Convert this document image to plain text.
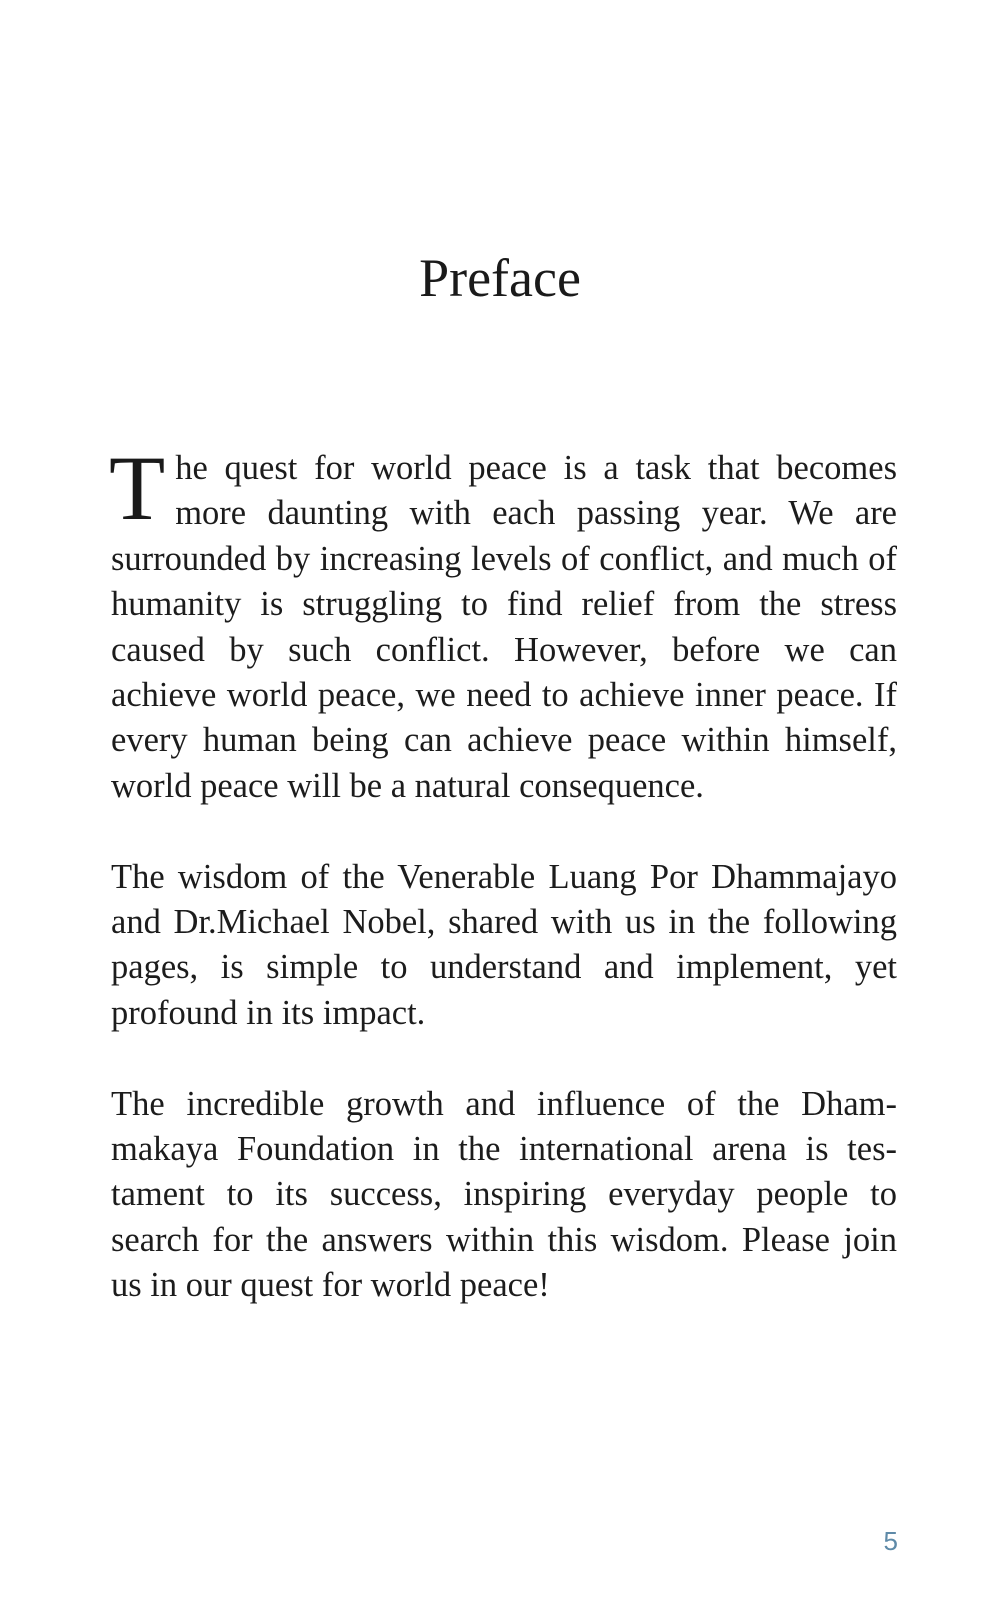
Preface

The quest for world peace is a task that becomes more daunting with each passing year. We are surrounded by increasing levels of conflict, and much of humanity is struggling to find relief from the stress caused by such conflict. However, before we can achieve world peace, we need to achieve inner peace. If every human being can achieve peace within himself, world peace will be a natural consequence.

The wisdom of the Venerable Luang Por Dhammajayo and Dr.Michael Nobel, shared with us in the following pages, is simple to understand and implement, yet profound in its impact.

The incredible growth and influence of the Dhammakaya Foundation in the international arena is testament to its success, inspiring everyday people to search for the answers within this wisdom. Please join us in our quest for world peace!

5
